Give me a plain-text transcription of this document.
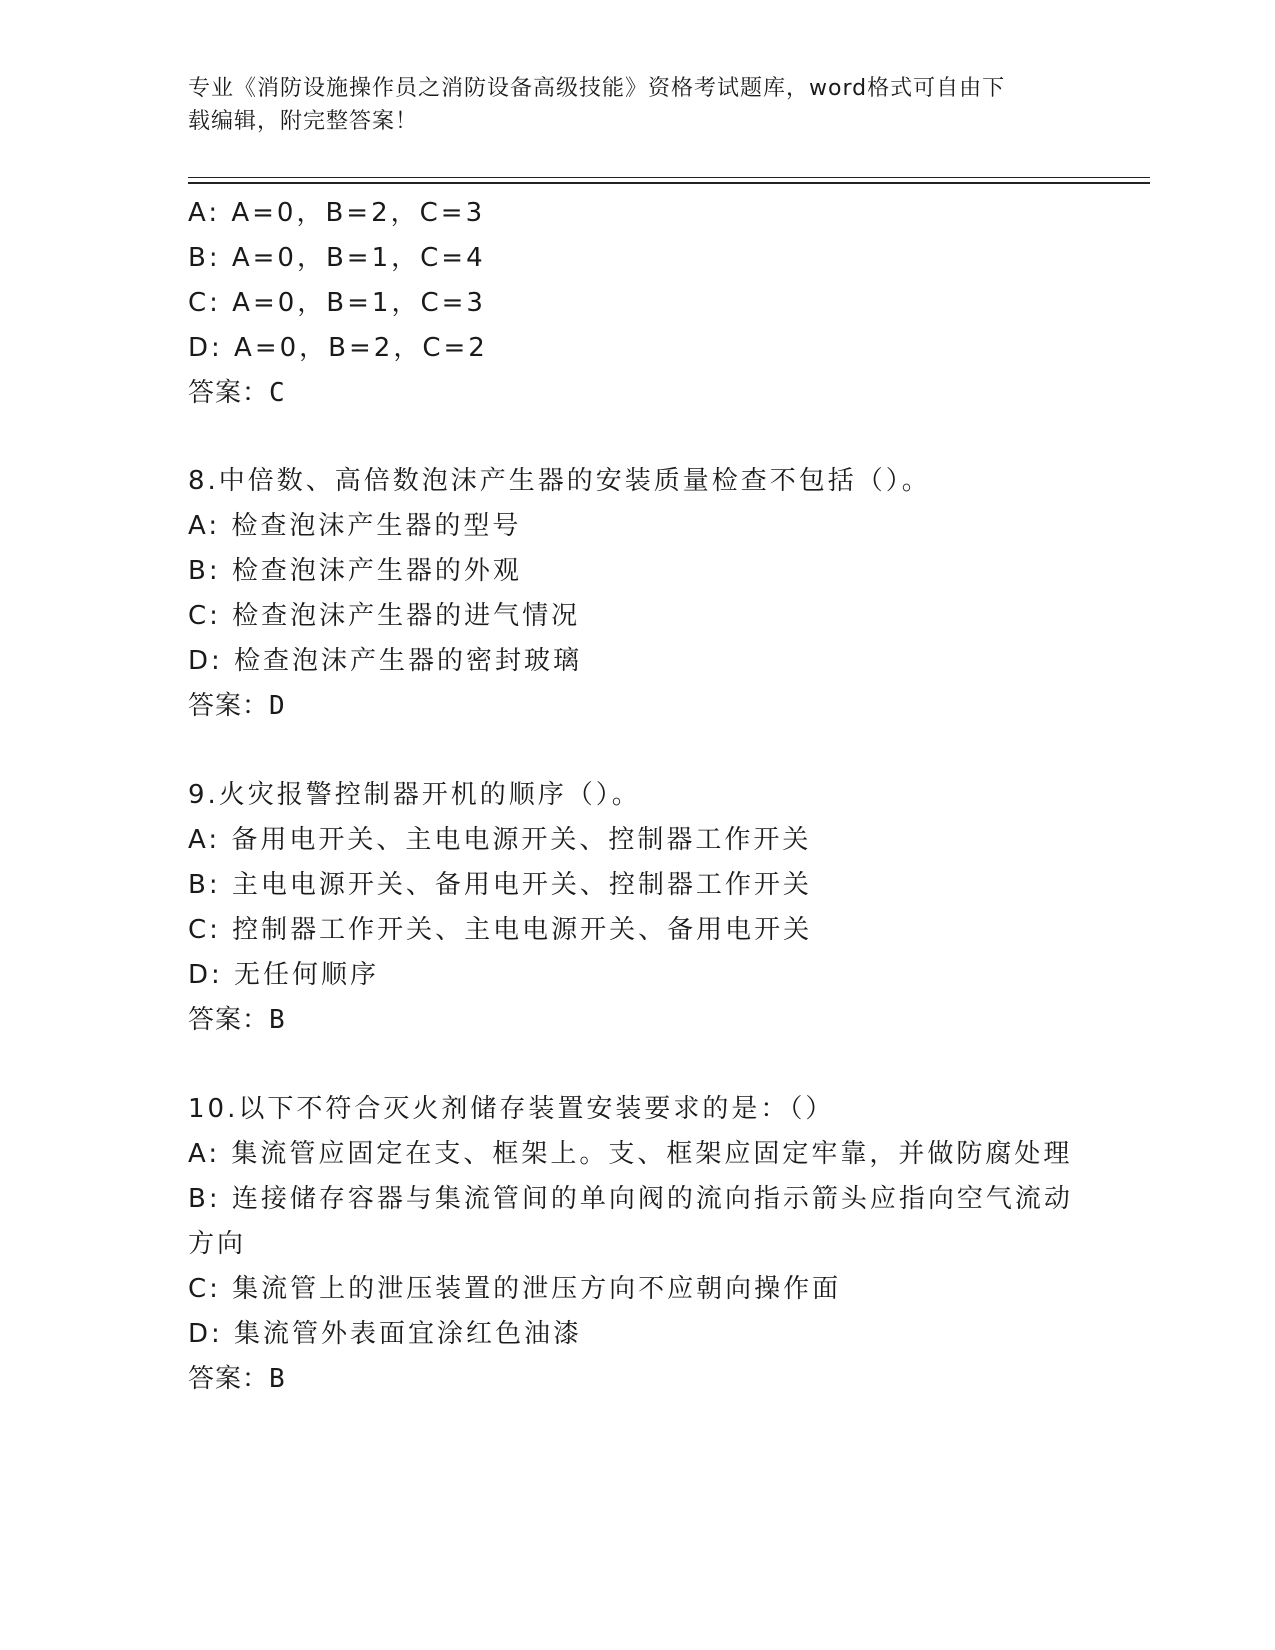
专业《消防设施操作员之消防设备高级技能》资格考试题库，word格式可自由下
载编辑，附完整答案！
A: A=0，B=2，C=3
B: A=0，B=1，C=4
C: A=0，B=1，C=3
D: A=0，B=2，C=2
答案：C
8.中倍数、高倍数泡沫产生器的安装质量检查不包括（）。
A: 检查泡沫产生器的型号
B: 检查泡沫产生器的外观
C: 检查泡沫产生器的进气情况
D: 检查泡沫产生器的密封玻璃
答案：D
9.火灾报警控制器开机的顺序（）。
A: 备用电开关、主电电源开关、控制器工作开关
B: 主电电源开关、备用电开关、控制器工作开关
C: 控制器工作开关、主电电源开关、备用电开关
D: 无任何顺序
答案：B
10.以下不符合灭火剂储存装置安装要求的是：（）
A: 集流管应固定在支、框架上。支、框架应固定牢靠，并做防腐处理
B: 连接储存容器与集流管间的单向阀的流向指示箭头应指向空气流动
方向
C: 集流管上的泄压装置的泄压方向不应朝向操作面
D: 集流管外表面宜涂红色油漆
答案：B
